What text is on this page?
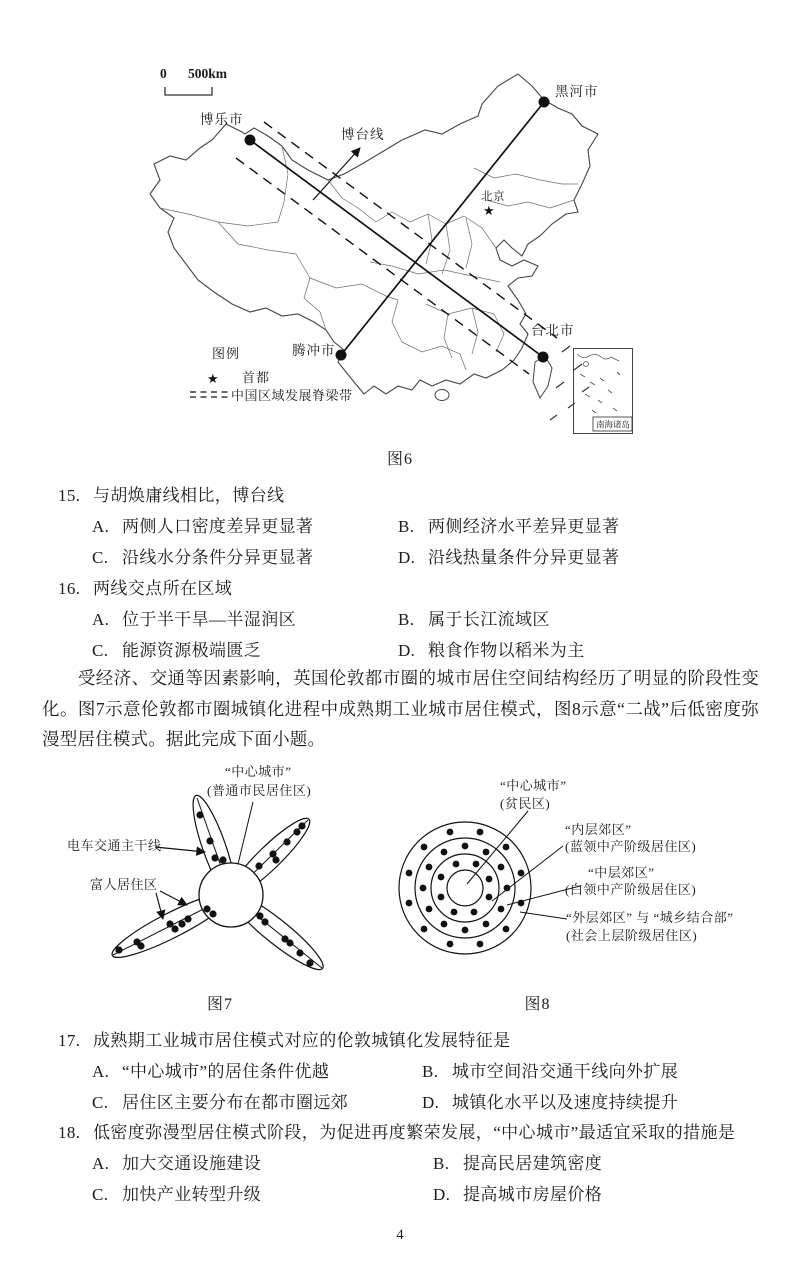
★
★
南海诸岛
0 500km
博乐市
黑河市
博台线
北京
腾冲市
台北市
图例
首都
中国区域发展脊梁带
图6
15. 与胡焕庸线相比，博台线
A. 两侧人口密度差异更显著	B. 两侧经济水平差异更显著
C. 沿线水分条件分异更显著	D. 沿线热量条件分异更显著
16. 两线交点所在区域
A. 位于半干旱—半湿润区	B. 属于长江流域区
C. 能源资源极端匮乏	D. 粮食作物以稻米为主
受经济、交通等因素影响，英国伦敦都市圈的城市居住空间结构经历了明显的阶段性变化。图7示意伦敦都市圈城镇化进程中成熟期工业城市居住模式，图8示意“二战”后低密度弥漫型居住模式。据此完成下面小题。
“中心城市”
(普通市民居住区)
电车交通主干线
富人居住区
“中心城市”
(贫民区)
“内层郊区”
(蓝领中产阶级居住区)
“中层郊区”
(白领中产阶级居住区)
“外层郊区” 与 “城乡结合部”
(社会上层阶级居住区)
图7	图8
17. 成熟期工业城市居住模式对应的伦敦城镇化发展特征是
A. “中心城市”的居住条件优越	B. 城市空间沿交通干线向外扩展
C. 居住区主要分布在都市圈远郊	D. 城镇化水平以及速度持续提升
18. 低密度弥漫型居住模式阶段，为促进再度繁荣发展，“中心城市”最适宜采取的措施是
A. 加大交通设施建设	B. 提高民居建筑密度
C. 加快产业转型升级	D. 提高城市房屋价格
4
